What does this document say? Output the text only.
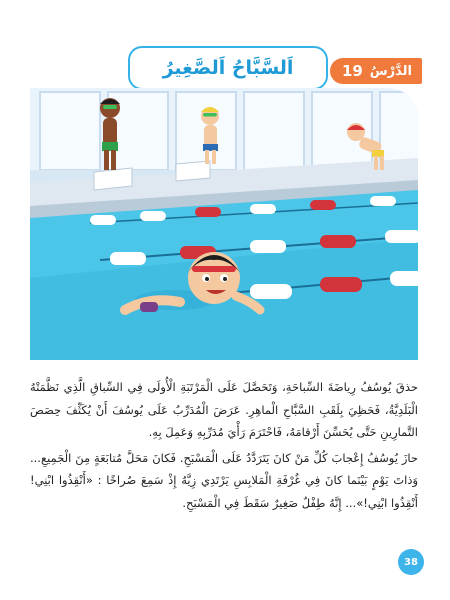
الدَّرْسُ
19
اَلسَّبَّاحُ اَلصَّغِيرُ

حذقَ يُوسُفُ رِياضَةَ السِّباحَةِ، وَتَحَصَّلَ عَلَى الْمَرْتَبَةِ الْأُولَى فِي السِّباقِ الَّذِي نَظَّمَتْهُ الْبَلَدِيَّةُ، فَحَظِيَ بِلَقَبِ السَّبَّاحِ الْماهِرِ. عَرَضَ الْمُدَرِّبُ عَلَى يُوسُفَ أَنْ يُكَثِّفَ حِصَصَ التَّمارِينِ حَتَّى يُحَسِّنَ أَرْقامَهُ، فَاحْتَرَمَ رَأْيَ مُدَرِّبِهِ وَعَمِلَ بِهِ.

حازَ يُوسُفُ إِعْجابَ كُلِّ مَنْ كانَ يَتَرَدَّدُ عَلَى الْمَسْبَحِ. فَكانَ مَحَلَّ مُتابَعَةٍ مِنَ الْجَمِيعِ... وَذاتَ يَوْمٍ بَيْنَما كانَ فِي غُرْفَةِ الْمَلابِسِ يَرْتَدِي زِيَّهُ إِذْ سَمِعَ صُراخًا : «أَنْقِذُوا ابْنِي! أَنْقِذُوا ابْنِي!»... إِنَّهُ طِفْلٌ صَغِيرٌ سَقَطَ فِي الْمَسْبَحِ.

38
